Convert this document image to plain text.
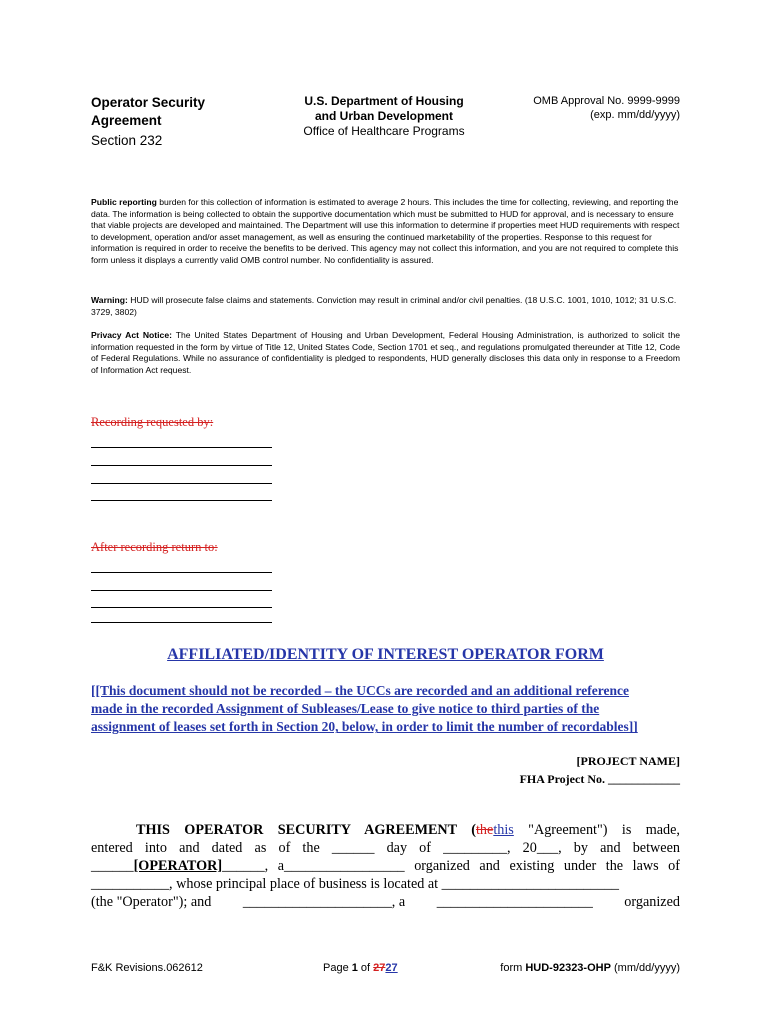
Operator Security
Agreement
Section 232
U.S. Department of Housing
and Urban Development
Office of Healthcare Programs
OMB Approval No. 9999-9999
(exp. mm/dd/yyyy)

Public reporting burden for this collection of information is estimated to average 2 hours. This includes the time for collecting, reviewing, and reporting the data. The information is being collected to obtain the supportive documentation which must be submitted to HUD for approval, and is necessary to ensure that viable projects are developed and maintained. The Department will use this information to determine if properties meet HUD requirements with respect to development, operation and/or asset management, as well as ensuring the continued marketability of the properties. Response to this request for information is required in order to receive the benefits to be derived. This agency may not collect this information, and you are not required to complete this form unless it displays a currently valid OMB control number. No confidentiality is assured.

Warning: HUD will prosecute false claims and statements. Conviction may result in criminal and/or civil penalties. (18 U.S.C. 1001, 1010, 1012; 31 U.S.C. 3729, 3802)

Privacy Act Notice: The United States Department of Housing and Urban Development, Federal Housing Administration, is authorized to solicit the information requested in the form by virtue of Title 12, United States Code, Section 1701 et seq., and regulations promulgated thereunder at Title 12, Code of Federal Regulations. While no assurance of confidentiality is pledged to respondents, HUD generally discloses this data only in response to a Freedom of Information Act request.

Recording requested by:
After recording return to:
AFFILIATED/IDENTITY OF INTEREST OPERATOR FORM
[[This document should not be recorded – the UCCs are recorded and an additional reference made in the recorded Assignment of Subleases/Lease to give notice to third parties of the assignment of leases set forth in Section 20, below, in order to limit the number of recordables]]
[PROJECT NAME]
FHA Project No. ____________
THIS OPERATOR SECURITY AGREEMENT (thethis "Agreement") is made,
entered into and dated as of the ______ day of _________, 20___, by and between
______[OPERATOR]______, a_________________ organized and existing under the laws of
___________, whose principal place of business is located at _________________________
(the "Operator"); and _____________________, a ______________________ organized
F&K Revisions.062612	Page 1 of 2727	form HUD-92323-OHP (mm/dd/yyyy)
